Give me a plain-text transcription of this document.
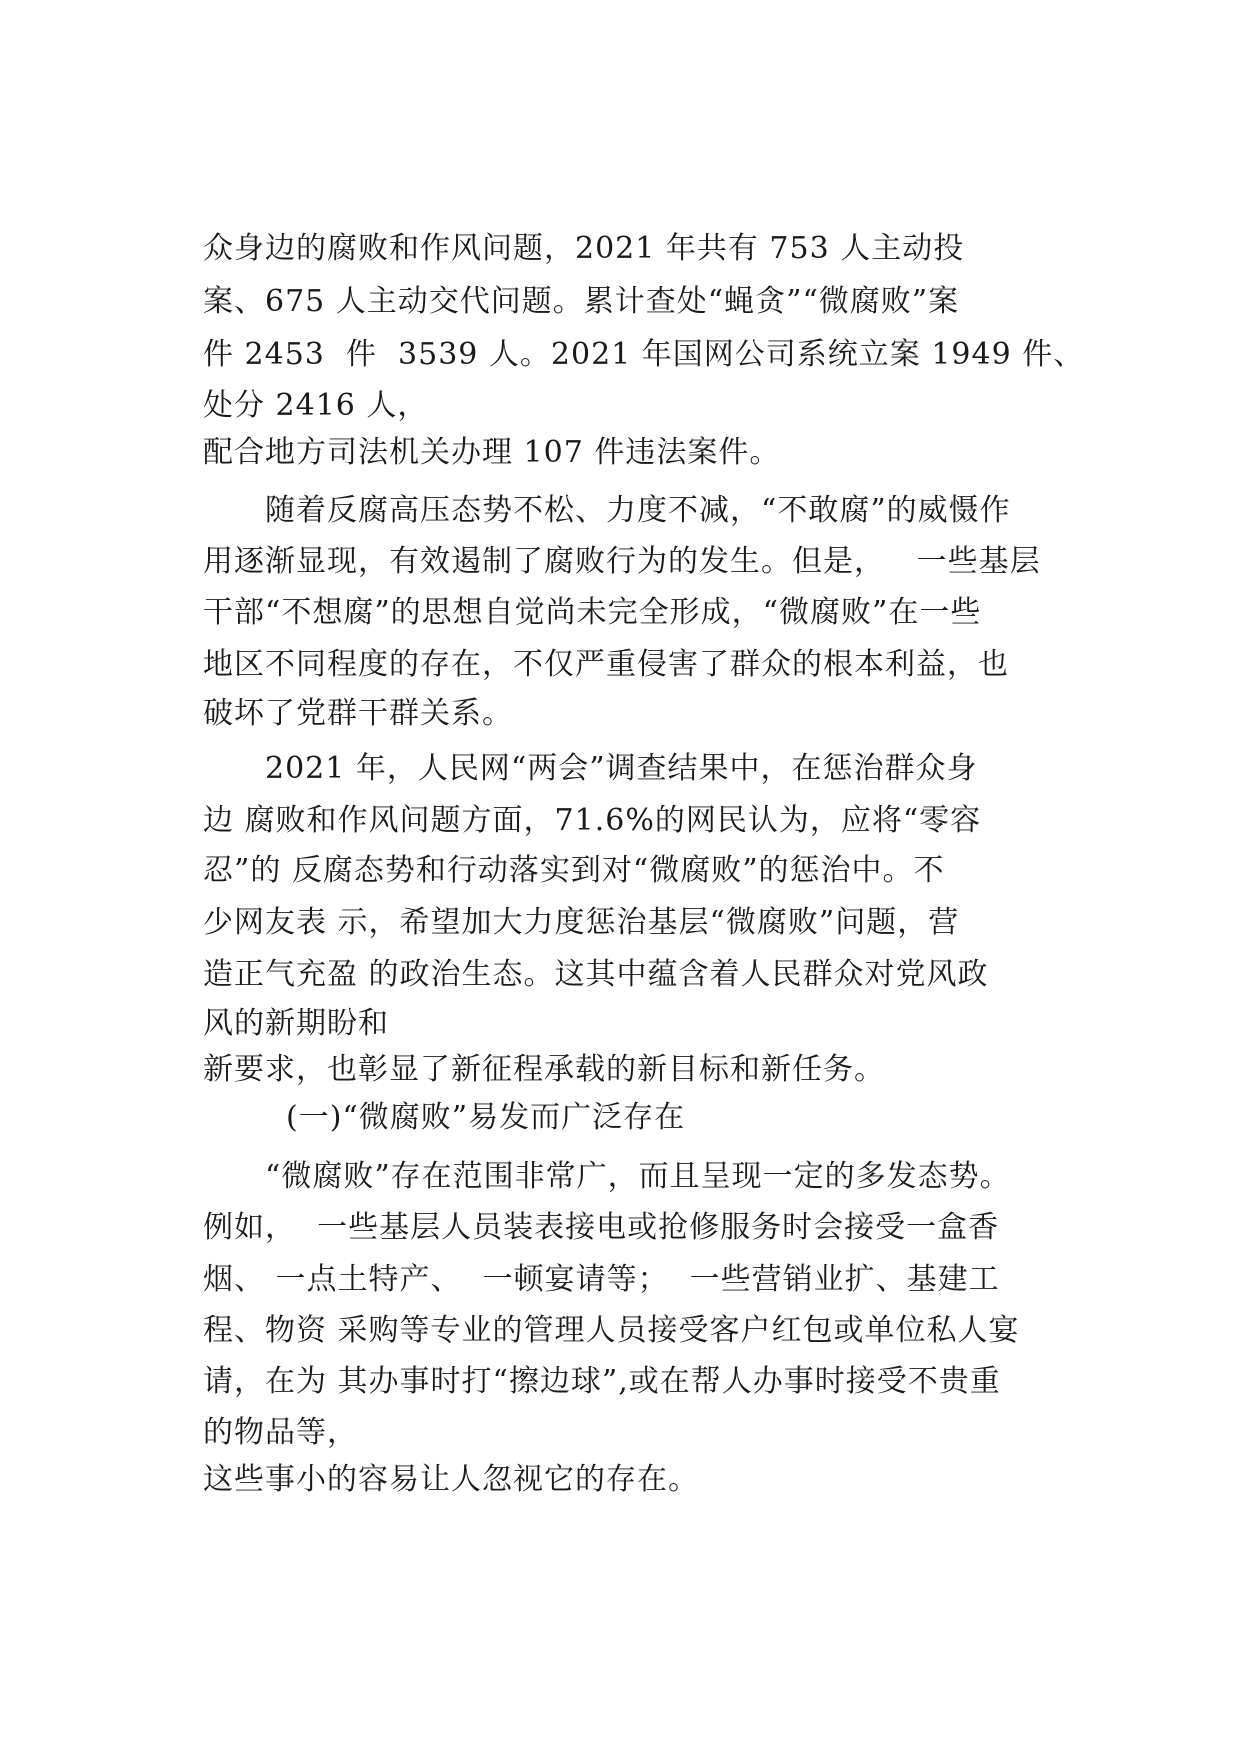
众身边的腐败和作风问题，2021 年共有 753 人主动投
案、675 人主动交代问题。累计查处“蝇贪”“微腐败”案
件 2453  件  3539 人。2021 年国网公司系统立案 1949 件、
处分 2416 人，
配合地方司法机关办理 107 件违法案件。
随着反腐高压态势不松、力度不减，“不敢腐”的威慑作
用逐渐显现，有效遏制了腐败行为的发生。但是，   一些基层
干部“不想腐”的思想自觉尚未完全形成，“微腐败”在一些
地区不同程度的存在，不仅严重侵害了群众的根本利益，也
破坏了党群干群关系。
2021 年，人民网“两会”调查结果中，在惩治群众身
边 腐败和作风问题方面，71.6%的网民认为，应将“零容
忍”的 反腐态势和行动落实到对“微腐败”的惩治中。不
少网友表 示，希望加大力度惩治基层“微腐败”问题，营
造正气充盈 的政治生态。这其中蕴含着人民群众对党风政
风的新期盼和
新要求，也彰显了新征程承载的新目标和新任务。
(一)“微腐败”易发而广泛存在
“微腐败”存在范围非常广，而且呈现一定的多发态势。
例如，  一些基层人员装表接电或抢修服务时会接受一盒香
烟、 一点土特产、  一顿宴请等；  一些营销业扩、基建工
程、物资 采购等专业的管理人员接受客户红包或单位私人宴
请，在为 其办事时打“擦边球”,或在帮人办事时接受不贵重
的物品等，
这些事小的容易让人忽视它的存在。
